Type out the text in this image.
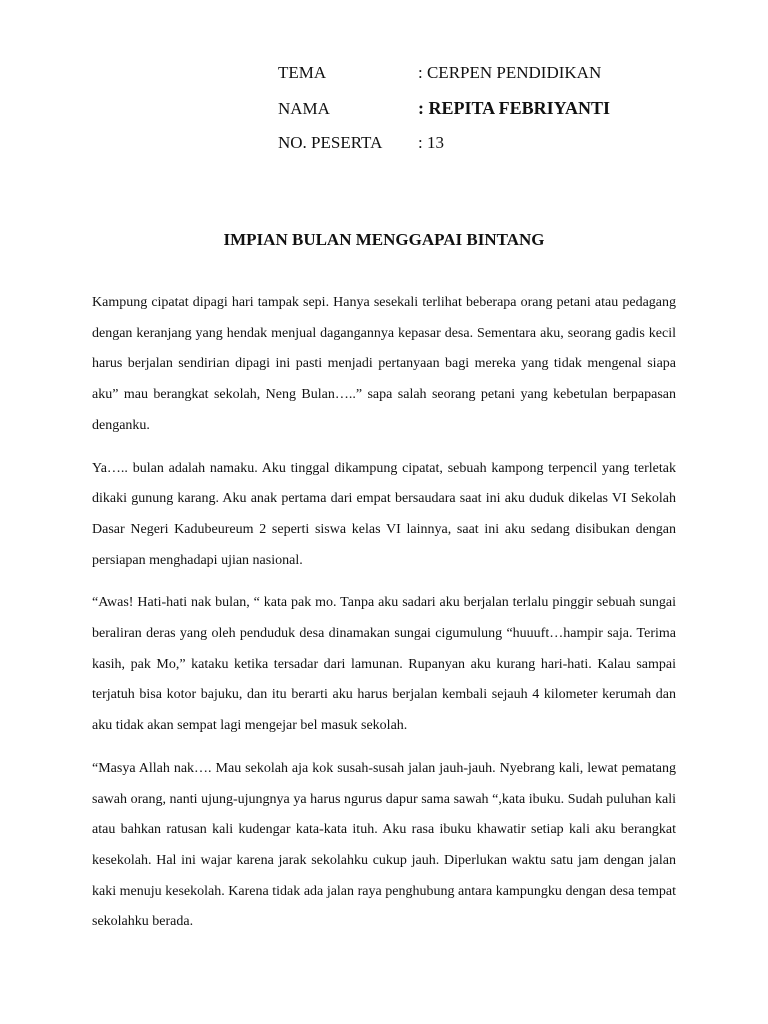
TEMA	: CERPEN PENDIDIKAN
NAMA	: REPITA FEBRIYANTI
NO. PESERTA : 13
IMPIAN BULAN MENGGAPAI BINTANG

Kampung cipatat dipagi hari tampak sepi. Hanya sesekali terlihat beberapa orang petani atau pedagang dengan keranjang yang hendak menjual dagangannya kepasar desa. Sementara aku, seorang gadis kecil harus berjalan sendirian dipagi ini pasti menjadi pertanyaan bagi mereka yang tidak mengenal siapa aku” mau berangkat sekolah, Neng Bulan…..” sapa salah seorang petani yang kebetulan berpapasan denganku.

Ya….. bulan adalah namaku. Aku tinggal dikampung cipatat, sebuah kampong terpencil yang terletak dikaki gunung karang. Aku anak pertama dari empat bersaudara saat ini aku duduk dikelas VI Sekolah Dasar Negeri Kadubeureum 2 seperti siswa kelas VI lainnya, saat ini aku sedang disibukan dengan persiapan menghadapi ujian nasional.

“Awas! Hati-hati nak bulan, “ kata pak mo. Tanpa aku sadari aku berjalan terlalu pinggir sebuah sungai beraliran deras yang oleh penduduk desa dinamakan sungai cigumulung “huuuft…hampir saja. Terima kasih, pak Mo,” kataku ketika tersadar dari lamunan. Rupanyan aku kurang hari-hati. Kalau sampai terjatuh bisa kotor bajuku, dan itu berarti aku harus berjalan kembali sejauh 4 kilometer kerumah dan aku tidak akan sempat lagi mengejar bel masuk sekolah.

“Masya Allah nak…. Mau sekolah aja kok susah-susah jalan jauh-jauh. Nyebrang kali, lewat pematang sawah orang, nanti ujung-ujungnya ya harus ngurus dapur sama sawah “,kata ibuku. Sudah puluhan kali atau bahkan ratusan kali kudengar kata-kata ituh. Aku rasa ibuku khawatir setiap kali aku berangkat kesekolah. Hal ini wajar karena jarak sekolahku cukup jauh. Diperlukan waktu satu jam dengan jalan kaki menuju kesekolah. Karena tidak ada jalan raya penghubung antara kampungku dengan desa tempat sekolahku berada.
